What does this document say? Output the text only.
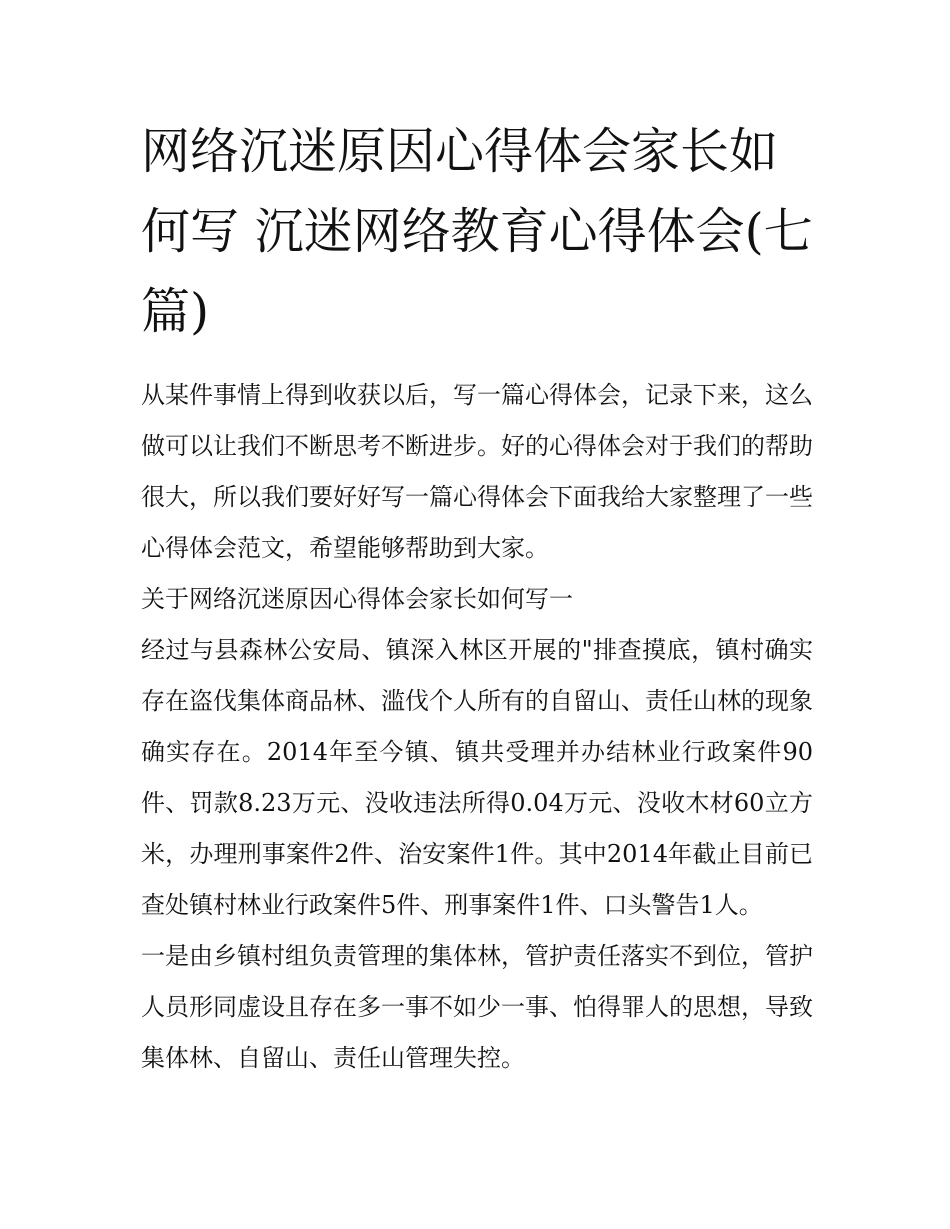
网络沉迷原因心得体会家长如何写 沉迷网络教育心得体会(七篇)

从某件事情上得到收获以后，写一篇心得体会，记录下来，这么做可以让我们不断思考不断进步。好的心得体会对于我们的帮助很大，所以我们要好好写一篇心得体会下面我给大家整理了一些心得体会范文，希望能够帮助到大家。

关于网络沉迷原因心得体会家长如何写一

经过与县森林公安局、镇深入林区开展的"排查摸底，镇村确实存在盗伐集体商品林、滥伐个人所有的自留山、责任山林的现象确实存在。2014年至今镇、镇共受理并办结林业行政案件90件、罚款8.23万元、没收违法所得0.04万元、没收木材60立方米，办理刑事案件2件、治安案件1件。其中2014年截止目前已查处镇村林业行政案件5件、刑事案件1件、口头警告1人。

一是由乡镇村组负责管理的集体林，管护责任落实不到位，管护人员形同虚设且存在多一事不如少一事、怕得罪人的思想，导致集体林、自留山、责任山管理失控。
